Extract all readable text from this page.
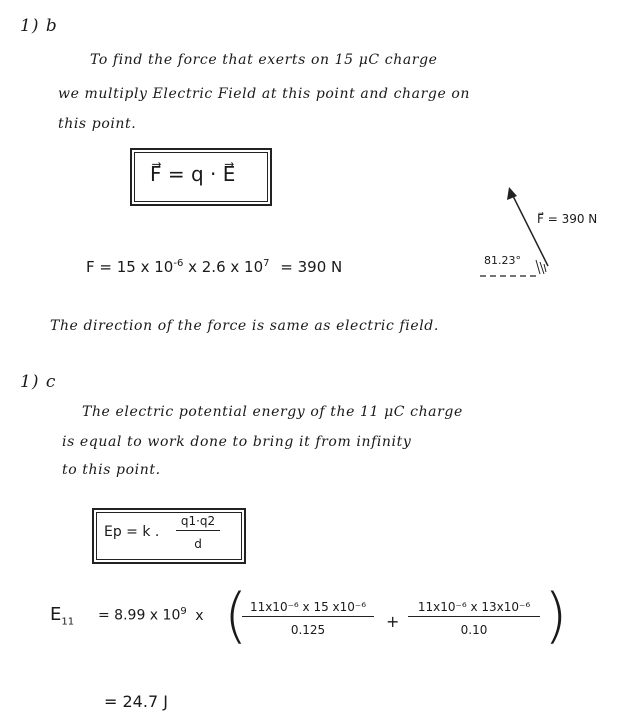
1) b
To find the force that exerts on 15 μC charge
we multiply Electric Field at this point and charge on
this point.
F⃗ = q · E⃗
F⃗ = 390 N
81.23°
F = 15 x $10^{-6}$ x 2.6 x $10^7 = 390$ N
The direction of the force is same as electric field.
1) c
The electric potential energy of the 11 μC charge
is equal to work done to bring it from infinity
to this point.
Ep = k . $\frac{q1\cdot q2}{d}$
$E_{11} = 8.99$ x $10^9$ x (
$\frac{\text{11x10⁻⁶ x 15 x10⁻⁶}}{0.125} + \frac{\text{11x10⁻⁶ x 13x10⁻⁶}}{0.10}$ )
= 24.7 J
